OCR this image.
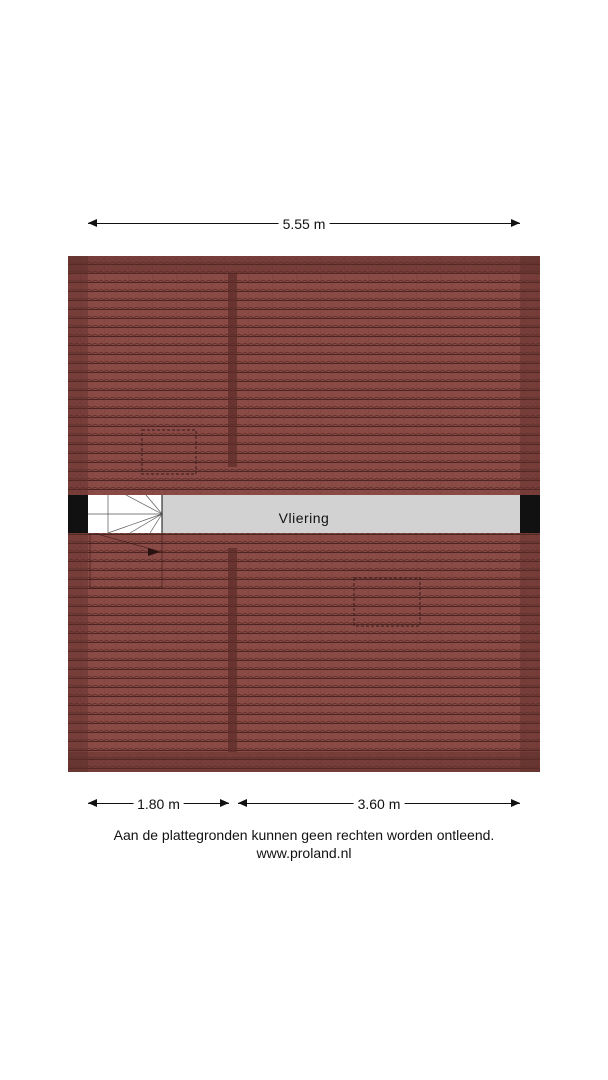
5.55 m
Vliering
1.80 m	3.60 m
Aan de plattegronden kunnen geen rechten worden ontleend.
www.proland.nl
